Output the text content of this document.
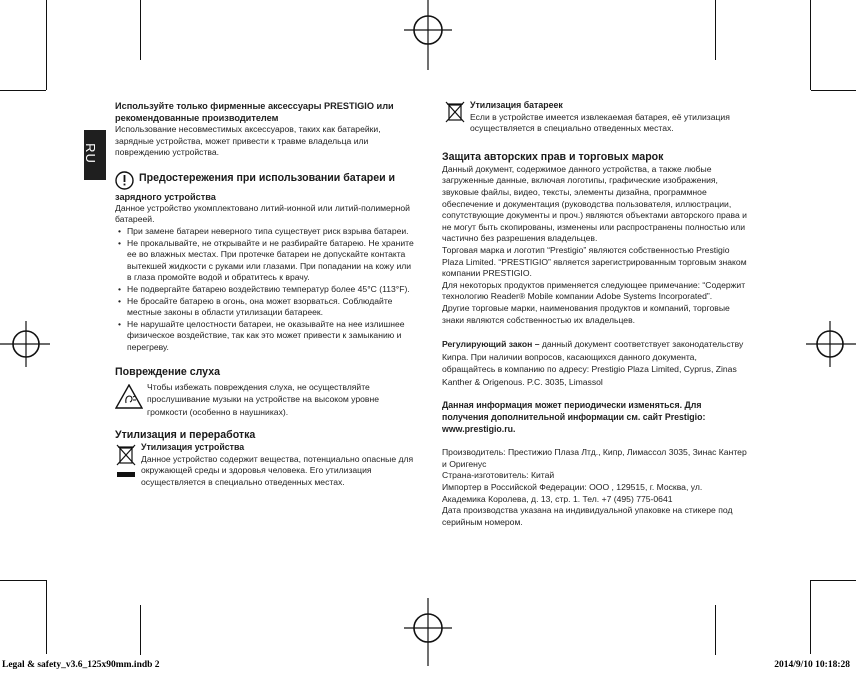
RU

Используйте только фирменные аксессуары PRESTIGIO или рекомендованные производителем

Использование несовместимых аксессуаров, таких как батарейки, зарядные устройства, может привести к травме владельца или повреждению устройства.

Предостережения при использовании батареи и

зарядного устройства

Данное устройство укомплектовано литий-ионной или литий-полимерной батареей.

• При замене батареи неверного типа существует риск взрыва батареи.
• Не прокалывайте, не открывайте и не разбирайте батарею. Не храните ее во влажных местах. При протечке батареи не допускайте контакта вытекшей жидкости с руками или глазами. При попадании на кожу или в глаза промойте водой и обратитесь к врачу.
• Не подвергайте батарею воздействию температур более 45°C (113°F).
• Не бросайте батарею в огонь, она может взорваться. Соблюдайте местные законы в области утилизации батареек.
• Не нарушайте целостности батареи, не оказывайте на нее излишнее физическое воздействие, так как это может привести к замыканию и перегреву.

Повреждение слуха

Чтобы избежать повреждения слуха, не осуществляйте прослушивание музыки на устройстве на высоком уровне громкости (особенно в наушниках).

Утилизация и переработка

Утилизация устройства

Данное устройство содержит вещества, потенциально опасные для окружающей среды и здоровья человека. Его утилизация осуществляется в специально отведенных местах.

Утилизация батареек

Если в устройстве имеется извлекаемая батарея, её утилизация осуществляется в специально отведенных местах.

Защита авторских прав и торговых марок

Данный документ, содержимое данного устройства, а также любые загруженные данные, включая логотипы, графические изображения, звуковые файлы, видео, тексты, элементы дизайна, программное обеспечение и документация (руководства пользователя, иллюстрации, сопутствующие документы и проч.) являются объектами авторского права и не могут быть скопированы, изменены или распространены полностью или частично без разрешения владельцев.

Торговая марка и логотип “Prestigio” являются собственностью Prestigio Plaza Limited. “PRESTIGIO” является зарегистрированным торговым знаком компании PRESTIGIO.

Для некоторых продуктов применяется следующее примечание: “Содержит технологию Reader® Mobile компании Adobe Systems Incorporated”.

Другие торговые марки, наименования продуктов и компаний, торговые знаки являются собственностью их владельцев.

Регулирующий закон – данный документ соответствует законодательству Кипра. При наличии вопросов, касающихся данного документа, обращайтесь в компанию по адресу: Prestigio Plaza Limited, Cyprus, Zinas Kanther & Origenous. P.C. 3035, Limassol

Данная информация может периодически изменяться. Для получения дополнительной информации см. сайт Prestigio: www.prestigio.ru.

Производитель: Престижио Плаза Лтд., Кипр, Лимассол 3035, Зинас Кантер и Оригенус

Страна-изготовитель: Китай

Импортер в Российской Федерации: ООО , 129515, г. Москва, ул. Академика Королева, д. 13, стр. 1. Тел. +7 (495) 775-0641

Дата производства указана на индивидуальной упаковке на стикере под серийным номером.

Legal & safety_v3.6_125x90mm.indb 2	2014/9/10 10:18:28
